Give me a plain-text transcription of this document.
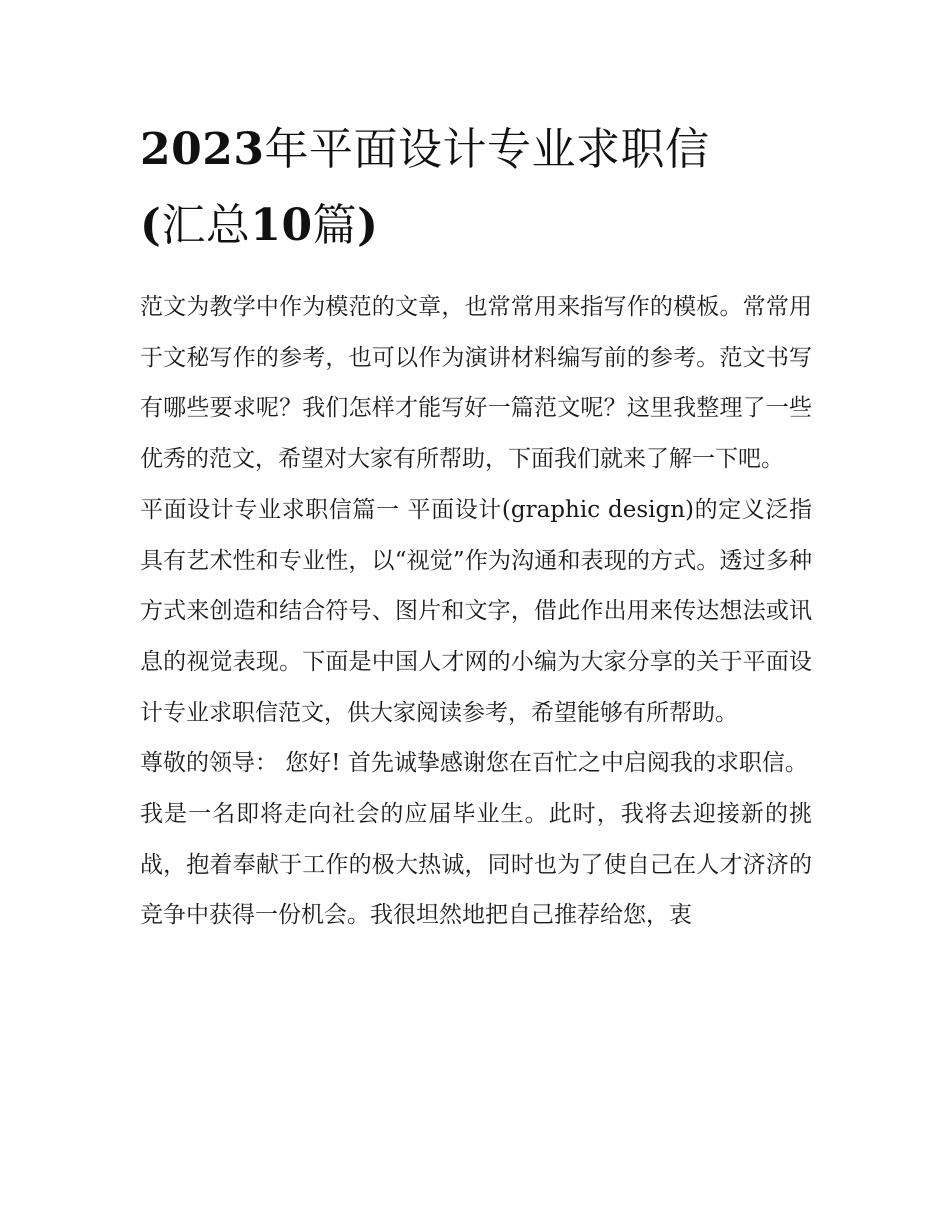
2023年平面设计专业求职信
(汇总10篇)

范文为教学中作为模范的文章，也常常用来指写作的模板。常常用于文秘写作的参考，也可以作为演讲材料编写前的参考。范文书写有哪些要求呢？我们怎样才能写好一篇范文呢？这里我整理了一些优秀的范文，希望对大家有所帮助，下面我们就来了解一下吧。

平面设计专业求职信篇一 平面设计(graphic design)的定义泛指具有艺术性和专业性，以“视觉”作为沟通和表现的方式。透过多种方式来创造和结合符号、图片和文字，借此作出用来传达想法或讯息的视觉表现。下面是中国人才网的小编为大家分享的关于平面设计专业求职信范文，供大家阅读参考，希望能够有所帮助。

尊敬的领导： 您好! 首先诚挚感谢您在百忙之中启阅我的求职信。

我是一名即将走向社会的应届毕业生。此时，我将去迎接新的挑战，抱着奉献于工作的极大热诚，同时也为了使自己在人才济济的竞争中获得一份机会。我很坦然地把自己推荐给您，衷
